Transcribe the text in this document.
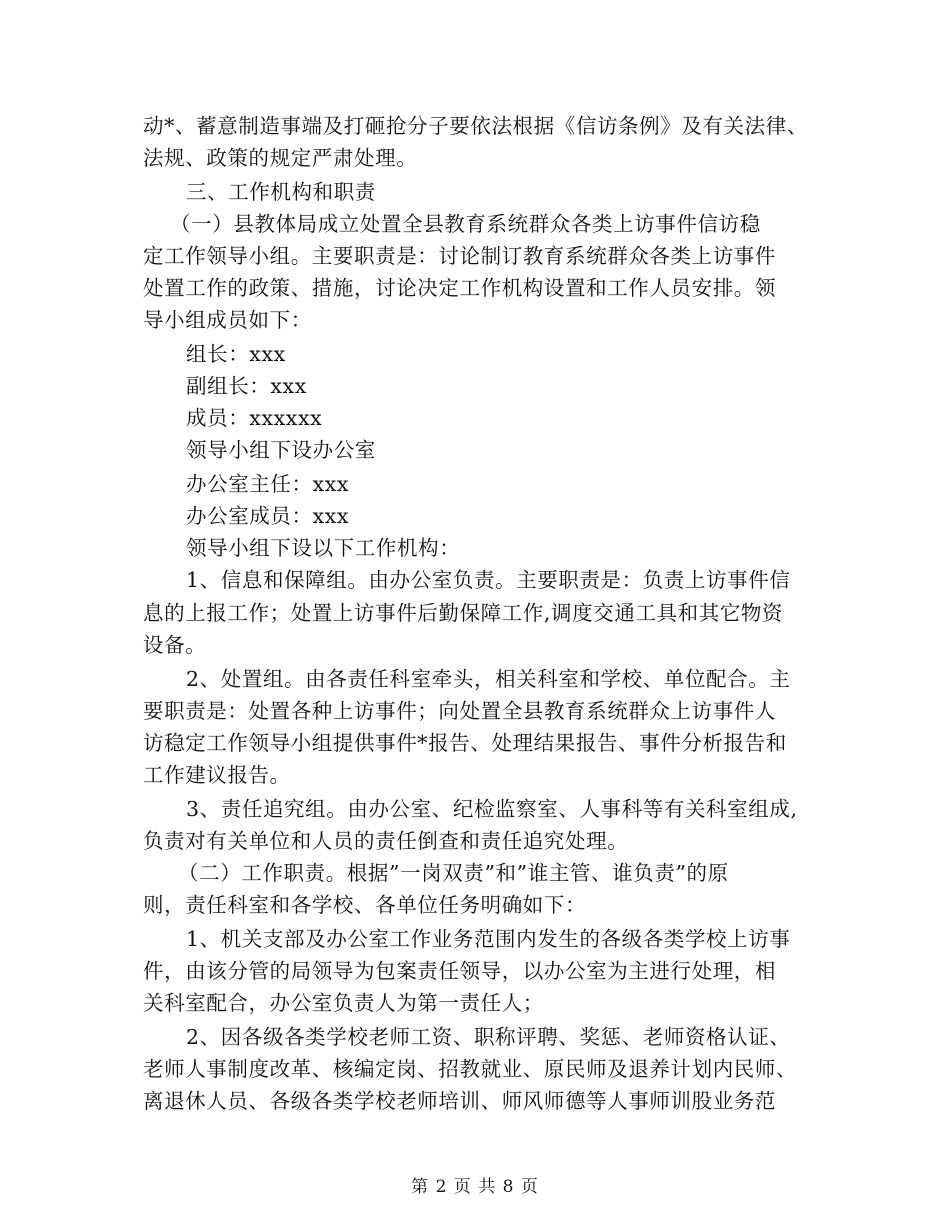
动*、蓄意制造事端及打砸抢分子要依法根据《信访条例》及有关法律、
法规、政策的规定严肃处理。
三、工作机构和职责
（一）县教体局成立处置全县教育系统群众各类上访事件信访稳
定工作领导小组。主要职责是：讨论制订教育系统群众各类上访事件
处置工作的政策、措施，讨论决定工作机构设置和工作人员安排。领
导小组成员如下：
组长：xxx
副组长：xxx
成员：xxxxxx
领导小组下设办公室
办公室主任：xxx
办公室成员：xxx
领导小组下设以下工作机构：
1、信息和保障组。由办公室负责。主要职责是：负责上访事件信
息的上报工作；处置上访事件后勤保障工作,调度交通工具和其它物资
设备。
2、处置组。由各责任科室牵头，相关科室和学校、单位配合。主
要职责是：处置各种上访事件；向处置全县教育系统群众上访事件人
访稳定工作领导小组提供事件*报告、处理结果报告、事件分析报告和
工作建议报告。
3、责任追究组。由办公室、纪检监察室、人事科等有关科室组成,
负责对有关单位和人员的责任倒查和责任追究处理。
（二）工作职责。根据”一岗双责”和”谁主管、谁负责”的原
则，责任科室和各学校、各单位任务明确如下：
1、机关支部及办公室工作业务范围内发生的各级各类学校上访事
件，由该分管的局领导为包案责任领导，以办公室为主进行处理，相
关科室配合，办公室负责人为第一责任人；
2、因各级各类学校老师工资、职称评聘、奖惩、老师资格认证、
老师人事制度改革、核编定岗、招教就业、原民师及退养计划内民师、
离退休人员、各级各类学校老师培训、师风师德等人事师训股业务范
第 2 页 共 8 页
